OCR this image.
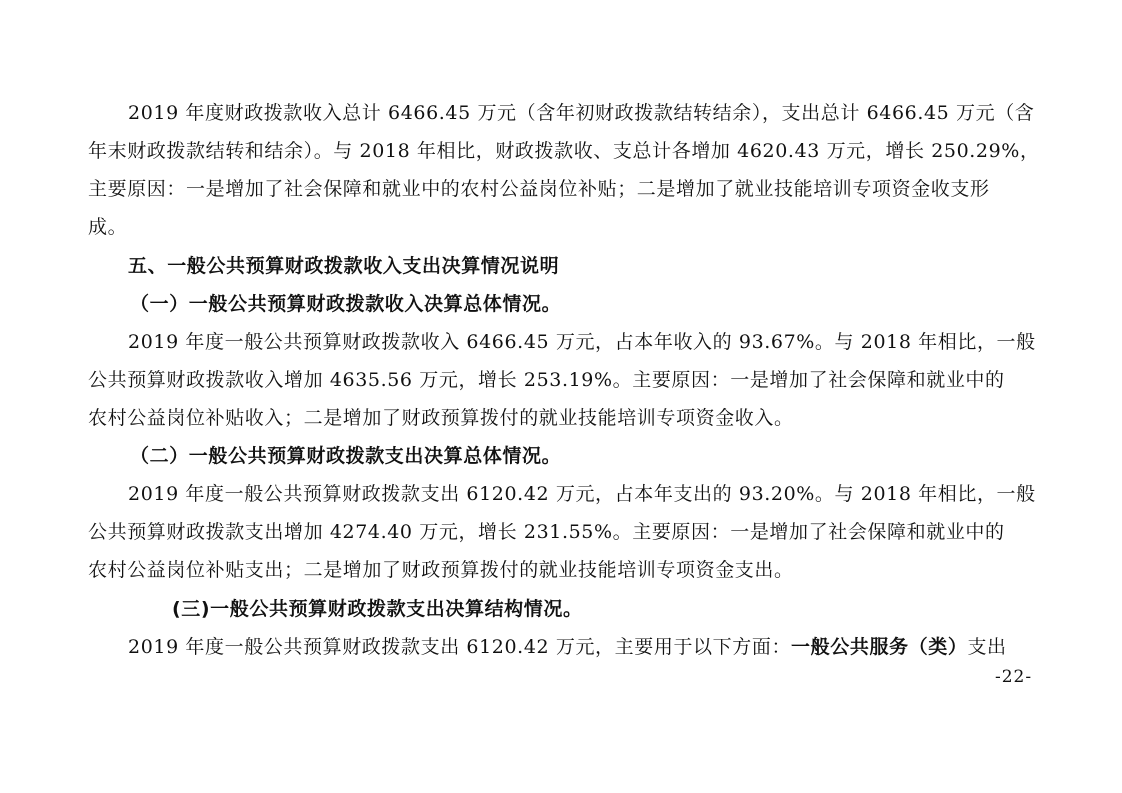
2019 年度财政拨款收入总计 6466.45 万元（含年初财政拨款结转结余），支出总计 6466.45 万元（含
年末财政拨款结转和结余）。与 2018 年相比，财政拨款收、支总计各增加 4620.43 万元，增长 250.29%，
主要原因：一是增加了社会保障和就业中的农村公益岗位补贴；二是增加了就业技能培训专项资金收支形
成。
五、一般公共预算财政拨款收入支出决算情况说明
（一）一般公共预算财政拨款收入决算总体情况。
2019 年度一般公共预算财政拨款收入 6466.45 万元，占本年收入的 93.67%。与 2018 年相比，一般
公共预算财政拨款收入增加 4635.56 万元，增长 253.19%。主要原因：一是增加了社会保障和就业中的
农村公益岗位补贴收入；二是增加了财政预算拨付的就业技能培训专项资金收入。
（二）一般公共预算财政拨款支出决算总体情况。
2019 年度一般公共预算财政拨款支出 6120.42 万元，占本年支出的 93.20%。与 2018 年相比，一般
公共预算财政拨款支出增加 4274.40 万元，增长 231.55%。主要原因：一是增加了社会保障和就业中的
农村公益岗位补贴支出；二是增加了财政预算拨付的就业技能培训专项资金支出。
(三)一般公共预算财政拨款支出决算结构情况。
2019 年度一般公共预算财政拨款支出 6120.42 万元，主要用于以下方面：一般公共服务（类）支出
-22-
